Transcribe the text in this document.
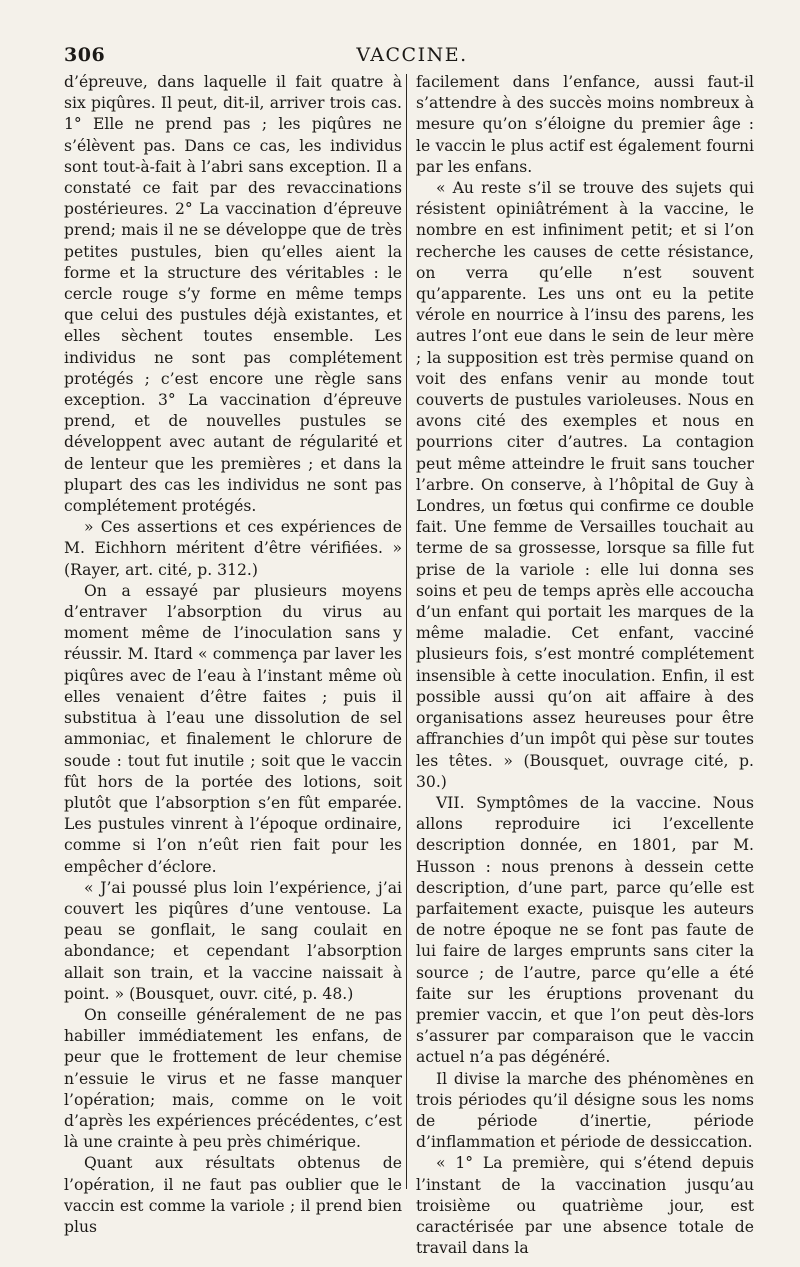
306	VACCINE.

d’épreuve, dans laquelle il fait quatre à six piqûres. Il peut, dit-il, arriver trois cas. 1° Elle ne prend pas ; les piqûres ne s’élèvent pas. Dans ce cas, les individus sont tout-à-fait à l’abri sans exception. Il a constaté ce fait par des revaccinations postérieures. 2° La vaccination d’épreuve prend; mais il ne se développe que de très petites pustules, bien qu’elles aient la forme et la structure des véritables : le cercle rouge s’y forme en même temps que celui des pustules déjà existantes, et elles sèchent toutes ensemble. Les individus ne sont pas complétement protégés ; c’est encore une règle sans exception. 3° La vaccination d’épreuve prend, et de nouvelles pustules se développent avec autant de régularité et de lenteur que les premières ; et dans la plupart des cas les individus ne sont pas complétement protégés.

» Ces assertions et ces expériences de M. Eichhorn méritent d’être vérifiées. » (Rayer, art. cité, p. 312.)

On a essayé par plusieurs moyens d’entraver l’absorption du virus au moment même de l’inoculation sans y réussir. M. Itard « commença par laver les piqûres avec de l’eau à l’instant même où elles venaient d’être faites ; puis il substitua à l’eau une dissolution de sel ammoniac, et finalement le chlorure de soude : tout fut inutile ; soit que le vaccin fût hors de la portée des lotions, soit plutôt que l’absorption s’en fût emparée. Les pustules vinrent à l’époque ordinaire, comme si l’on n’eût rien fait pour les empêcher d’éclore.

« J’ai poussé plus loin l’expérience, j’ai couvert les piqûres d’une ventouse. La peau se gonflait, le sang coulait en abondance; et cependant l’absorption allait son train, et la vaccine naissait à point. » (Bousquet, ouvr. cité, p. 48.)

On conseille généralement de ne pas habiller immédiatement les enfans, de peur que le frottement de leur chemise n’essuie le virus et ne fasse manquer l’opération; mais, comme on le voit d’après les expériences précédentes, c’est là une crainte à peu près chimérique.

Quant aux résultats obtenus de l’opération, il ne faut pas oublier que le vaccin est comme la variole ; il prend bien plus

facilement dans l’enfance, aussi faut-il s’attendre à des succès moins nombreux à mesure qu’on s’éloigne du premier âge : le vaccin le plus actif est également fourni par les enfans.

« Au reste s’il se trouve des sujets qui résistent opiniâtrément à la vaccine, le nombre en est infiniment petit; et si l’on recherche les causes de cette résistance, on verra qu’elle n’est souvent qu’apparente. Les uns ont eu la petite vérole en nourrice à l’insu des parens, les autres l’ont eue dans le sein de leur mère ; la supposition est très permise quand on voit des enfans venir au monde tout couverts de pustules varioleuses. Nous en avons cité des exemples et nous en pourrions citer d’autres. La contagion peut même atteindre le fruit sans toucher l’arbre. On conserve, à l’hôpital de Guy à Londres, un fœtus qui confirme ce double fait. Une femme de Versailles touchait au terme de sa grossesse, lorsque sa fille fut prise de la variole : elle lui donna ses soins et peu de temps après elle accoucha d’un enfant qui portait les marques de la même maladie. Cet enfant, vacciné plusieurs fois, s’est montré complétement insensible à cette inoculation. Enfin, il est possible aussi qu’on ait affaire à des organisations assez heureuses pour être affranchies d’un impôt qui pèse sur toutes les têtes. » (Bousquet, ouvrage cité, p. 30.)

VII. Symptômes de la vaccine. Nous allons reproduire ici l’excellente description donnée, en 1801, par M. Husson : nous prenons à dessein cette description, d’une part, parce qu’elle est parfaitement exacte, puisque les auteurs de notre époque ne se font pas faute de lui faire de larges emprunts sans citer la source ; de l’autre, parce qu’elle a été faite sur les éruptions provenant du premier vaccin, et que l’on peut dès-lors s’assurer par comparaison que le vaccin actuel n’a pas dégénéré.

Il divise la marche des phénomènes en trois périodes qu’il désigne sous les noms de période d’inertie, période d’inflammation et période de dessiccation.

« 1° La première, qui s’étend depuis l’instant de la vaccination jusqu’au troisième ou quatrième jour, est caractérisée par une absence totale de travail dans la
